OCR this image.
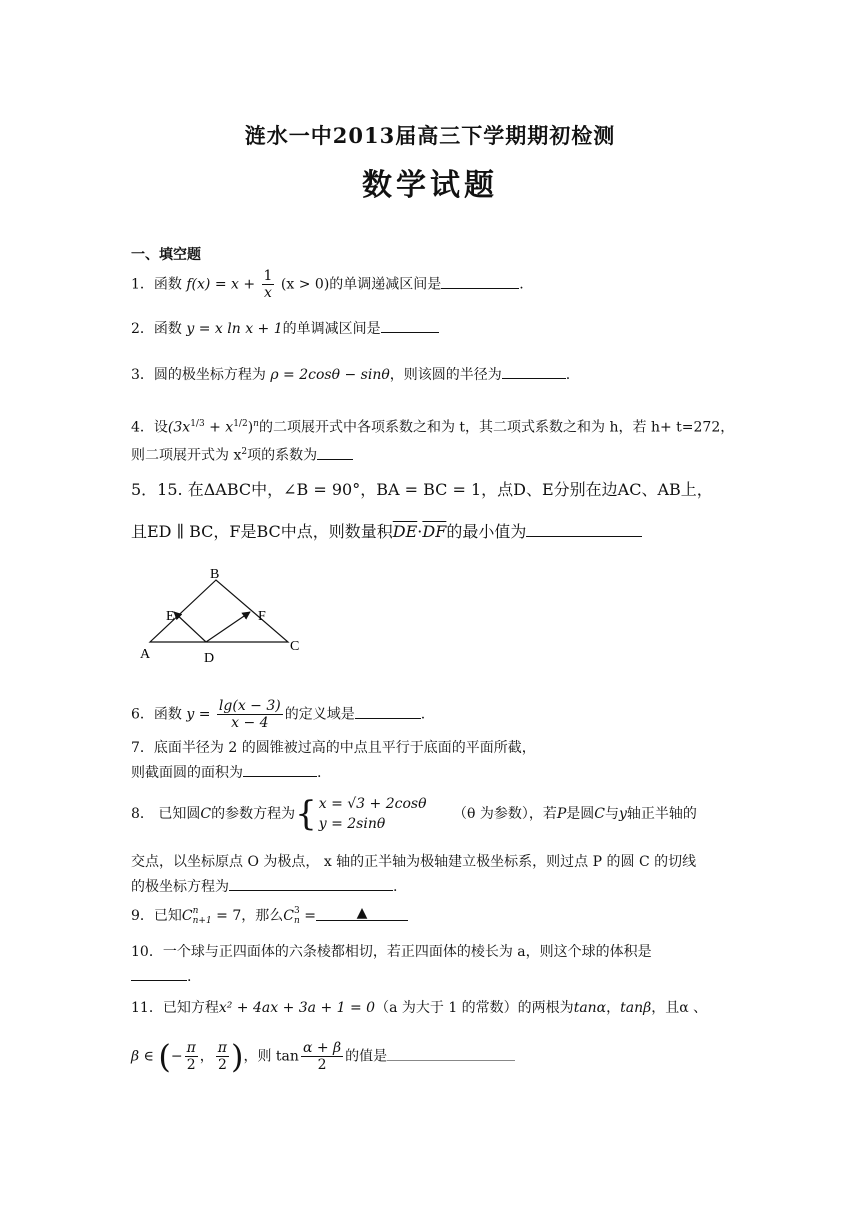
涟水一中2013届高三下学期期初检测
数学试题
一、填空题
1．函数 $f(x) = x + \frac{1}{x} (x > 0)$的单调递减区间是	.
2．函数 y = x ln x + 1的单调减区间是
3．圆的极坐标方程为 ρ = 2cosθ − sinθ，则该圆的半径为	.
4．设$(3x^{1/3} + x^{1/2})^n$的二项展开式中各项系数之和为 t，其二项式系数之和为 h，若 h+ t=272，
则二项展开式为 $x^2$项的系数为
5．15. 在ΔABC中，∠B = 90°，BA = BC = 1，点D、E分别在边AC、AB上，
且ED ∥ BC，F是BC中点，则数量积$\overline{DE}\cdot\overline{DF}$的最小值为
B
E	F
A	D
C
6．函数 $y = \frac{\lg(x - 3)}{x - 4}$ 的定义域是	.
7．底面半径为 2 的圆锥被过高的中点且平行于底面的平面所截，
则截面圆的面积为	.
8． 已知圆C的参数方程为{ x = √3 + 2cosθ
y = 2sinθ
（θ 为参数），若P是圆C与y轴正半轴的
交点，以坐标原点 O 为极点， x 轴的正半轴为极轴建立极坐标系，则过点 P 的圆 C 的切线
的极坐标方程为	.
9．已知C n
n+1 = 7，那么C 3
n =	▲
10．一个球与正四面体的六条棱都相切，若正四面体的棱长为 a，则这个球的体积是
.
11．已知方程x² + 4ax + 3a + 1 = 0（a 为大于 1 的常数）的两根为tanα，tanβ，且α 、
β ∈ (− $\frac{\pi}{2}$ ， $\frac{\pi}{2}$ )，则 $\tan \frac{\alpha + \beta}{2}$ 的值是
